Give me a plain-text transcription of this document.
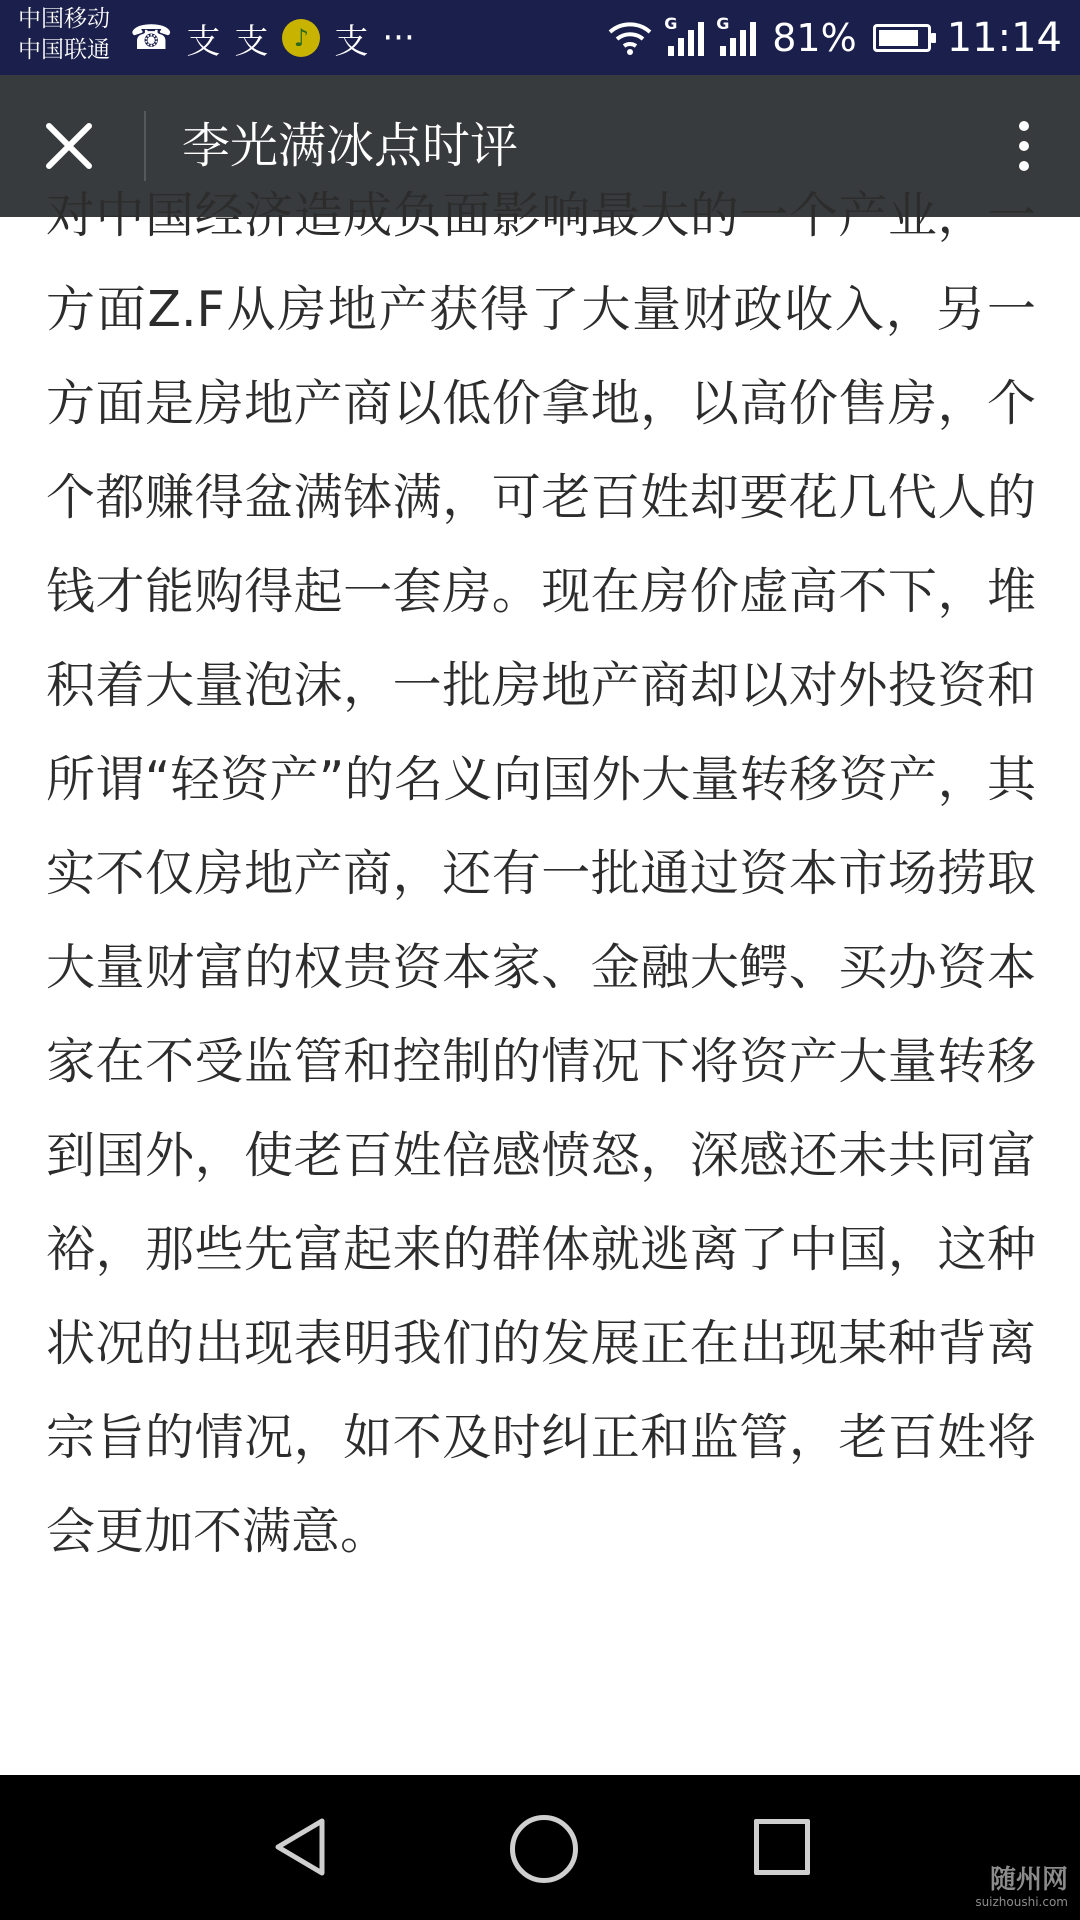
中国移动
中国联通 ☎ 支 支	♪ 支 ···	G G 81% 11:14
李光满冰点时评

对中国经济造成负面影响最大的一个产业，一方面Z.F从房地产获得了大量财政收入，另一方面是房地产商以低价拿地，以高价售房，个个都赚得盆满钵满，可老百姓却要花几代人的钱才能购得起一套房。现在房价虚高不下，堆积着大量泡沫，一批房地产商却以对外投资和所谓“轻资产”的名义向国外大量转移资产，其实不仅房地产商，还有一批通过资本市场捞取大量财富的权贵资本家、金融大鳄、买办资本家在不受监管和控制的情况下将资产大量转移到国外，使老百姓倍感愤怒，深感还未共同富裕，那些先富起来的群体就逃离了中国，这种状况的出现表明我们的发展正在出现某种背离宗旨的情况，如不及时纠正和监管，老百姓将会更加不满意。

随州网
suizhoushi.com
